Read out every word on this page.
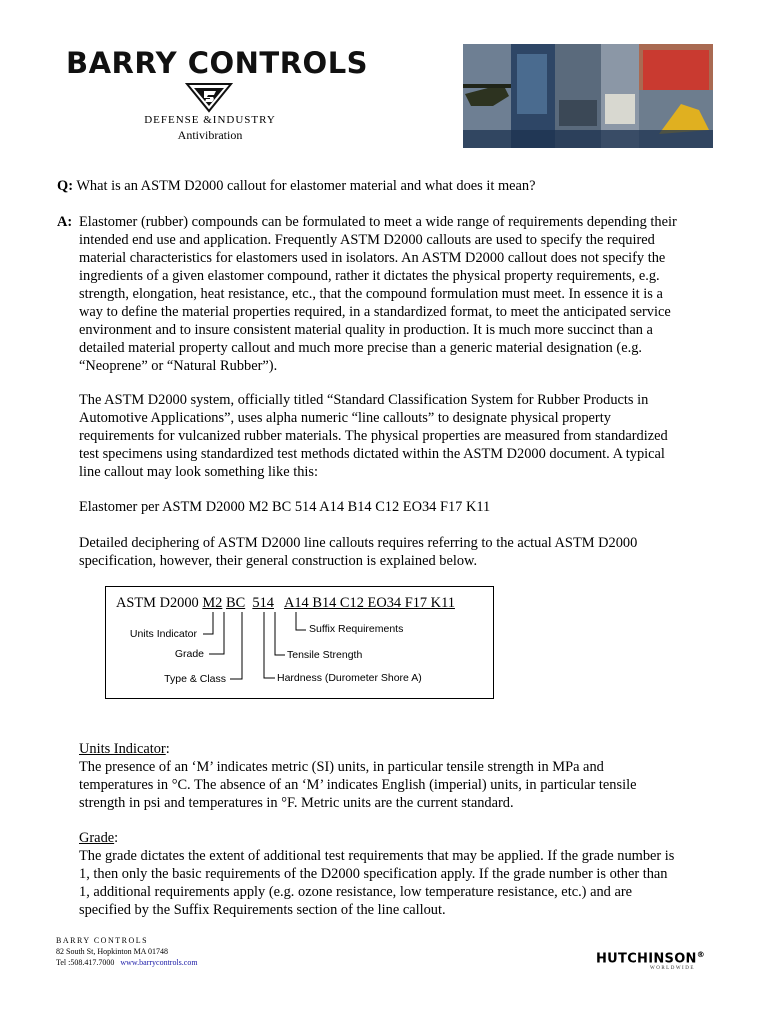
BARRY CONTROLS
DEFENSE &INDUSTRY
Antivibration
Q: What is an ASTM D2000 callout for elastomer material and what does it mean?
A: Elastomer (rubber) compounds can be formulated to meet a wide range of requirements depending their
intended end use and application. Frequently ASTM D2000 callouts are used to specify the required
material characteristics for elastomers used in isolators. An ASTM D2000 callout does not specify the
ingredients of a given elastomer compound, rather it dictates the physical property requirements, e.g.
strength, elongation, heat resistance, etc., that the compound formulation must meet. In essence it is a
way to define the material properties required, in a standardized format, to meet the anticipated service
environment and to insure consistent material quality in production. It is much more succinct than a
detailed material property callout and much more precise than a generic material designation (e.g.
“Neoprene” or “Natural Rubber”).
The ASTM D2000 system, officially titled “Standard Classification System for Rubber Products in
Automotive Applications”, uses alpha numeric “line callouts” to designate physical property
requirements for vulcanized rubber materials. The physical properties are measured from standardized
test specimens using standardized test methods dictated within the ASTM D2000 document. A typical
line callout may look something like this:
Elastomer per ASTM D2000 M2 BC 514 A14 B14 C12 EO34 F17 K11
Detailed deciphering of ASTM D2000 line callouts requires referring to the actual ASTM D2000
specification, however, their general construction is explained below.
ASTM D2000 M2 BC 514 A14 B14 C12 EO34 F17 K11
Units Indicator
Grade
Type & Class
Suffix Requirements
Tensile Strength
Hardness (Durometer Shore A)
Units Indicator:
The presence of an ‘M’ indicates metric (SI) units, in particular tensile strength in MPa and
temperatures in °C. The absence of an ‘M’ indicates English (imperial) units, in particular tensile
strength in psi and temperatures in °F. Metric units are the current standard.
Grade:
The grade dictates the extent of additional test requirements that may be applied. If the grade number is
1, then only the basic requirements of the D2000 specification apply. If the grade number is other than
1, additional requirements apply (e.g. ozone resistance, low temperature resistance, etc.) and are
specified by the Suffix Requirements section of the line callout.
BARRY CONTROLS
82 South St, Hopkinton MA 01748
Tel :508.417.7000 www.barrycontrols.com	HUTCHINSON®
WORLDWIDE
